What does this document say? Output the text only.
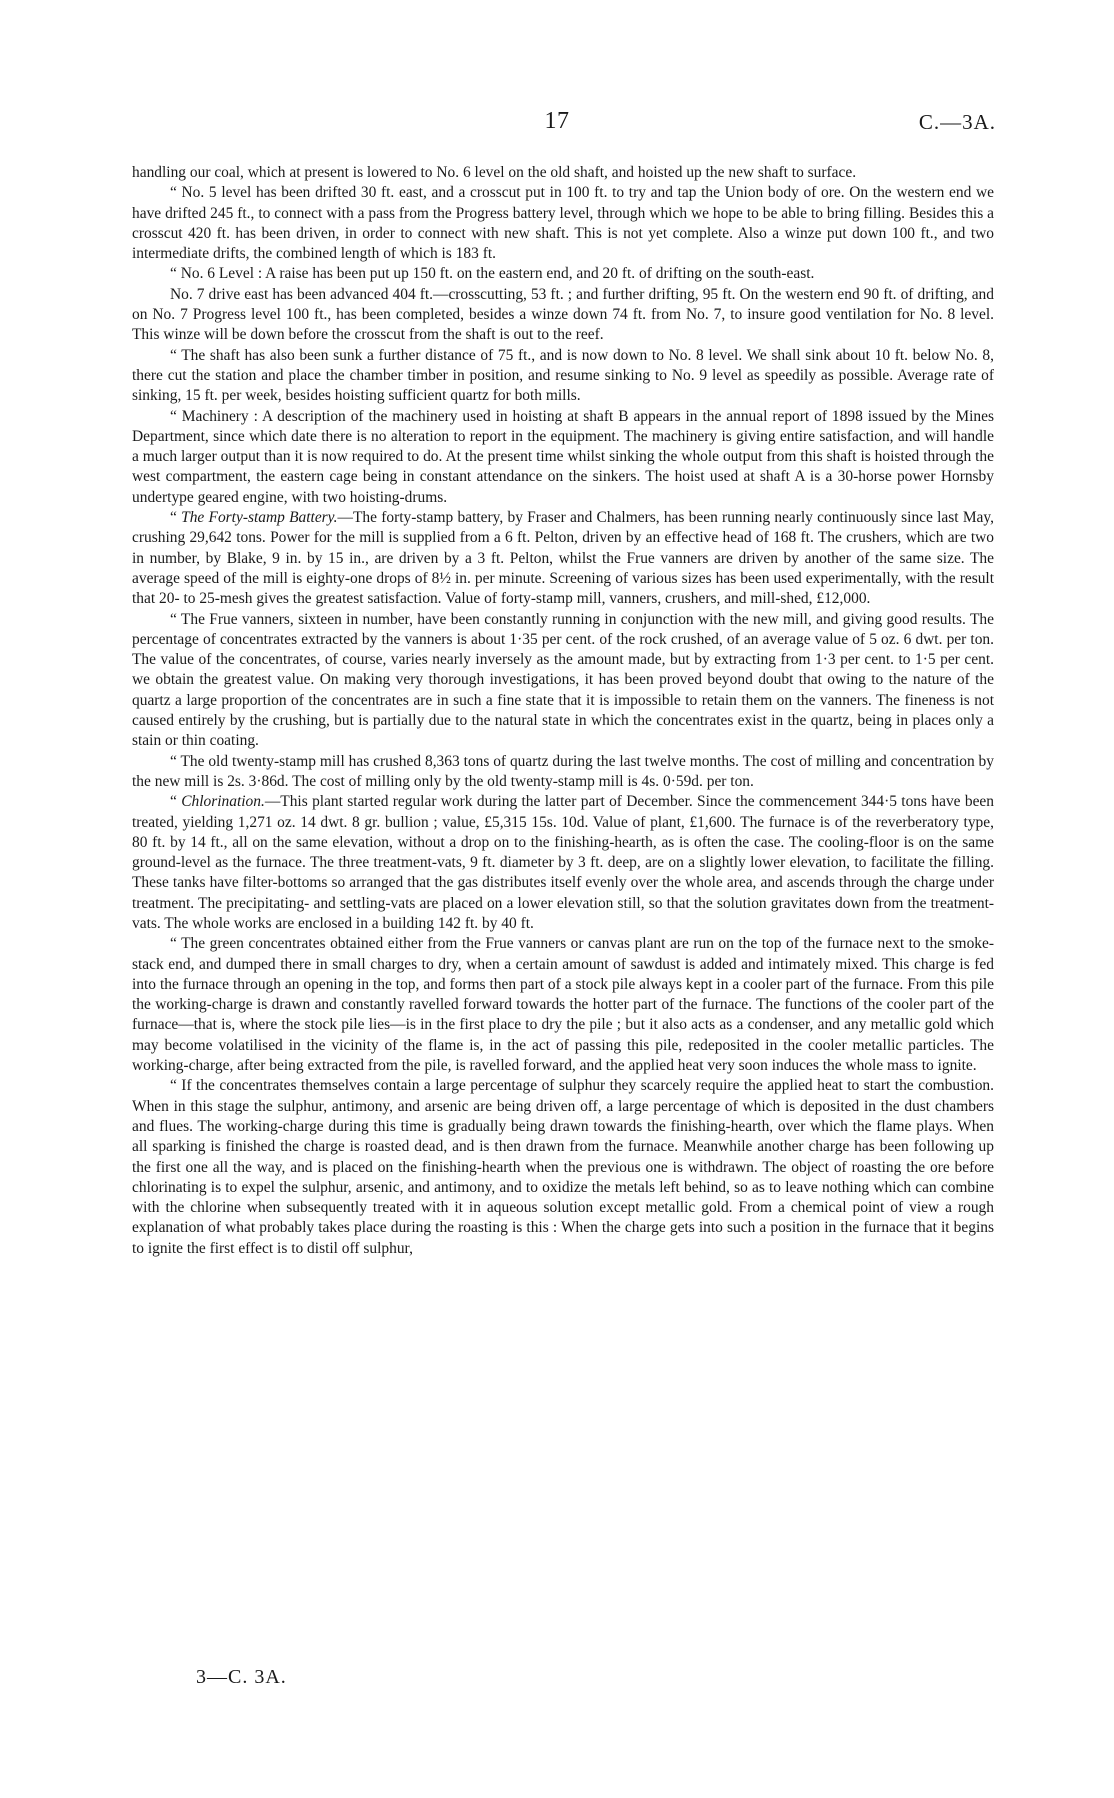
17	C.—3A.

handling our coal, which at present is lowered to No. 6 level on the old shaft, and hoisted up the new shaft to surface.

“ No. 5 level has been drifted 30 ft. east, and a crosscut put in 100 ft. to try and tap the Union body of ore. On the western end we have drifted 245 ft., to connect with a pass from the Progress battery level, through which we hope to be able to bring filling. Besides this a crosscut 420 ft. has been driven, in order to connect with new shaft. This is not yet complete. Also a winze put down 100 ft., and two intermediate drifts, the combined length of which is 183 ft.

“ No. 6 Level : A raise has been put up 150 ft. on the eastern end, and 20 ft. of drifting on the south-east.

No. 7 drive east has been advanced 404 ft.—crosscutting, 53 ft. ; and further drifting, 95 ft. On the western end 90 ft. of drifting, and on No. 7 Progress level 100 ft., has been completed, besides a winze down 74 ft. from No. 7, to insure good ventilation for No. 8 level. This winze will be down before the crosscut from the shaft is out to the reef.

“ The shaft has also been sunk a further distance of 75 ft., and is now down to No. 8 level. We shall sink about 10 ft. below No. 8, there cut the station and place the chamber timber in position, and resume sinking to No. 9 level as speedily as possible. Average rate of sinking, 15 ft. per week, besides hoisting sufficient quartz for both mills.

“ Machinery : A description of the machinery used in hoisting at shaft B appears in the annual report of 1898 issued by the Mines Department, since which date there is no alteration to report in the equipment. The machinery is giving entire satisfaction, and will handle a much larger output than it is now required to do. At the present time whilst sinking the whole output from this shaft is hoisted through the west compartment, the eastern cage being in constant attendance on the sinkers. The hoist used at shaft A is a 30-horse power Hornsby undertype geared engine, with two hoisting-drums.

“ The Forty-stamp Battery.—The forty-stamp battery, by Fraser and Chalmers, has been running nearly continuously since last May, crushing 29,642 tons. Power for the mill is supplied from a 6 ft. Pelton, driven by an effective head of 168 ft. The crushers, which are two in number, by Blake, 9 in. by 15 in., are driven by a 3 ft. Pelton, whilst the Frue vanners are driven by another of the same size. The average speed of the mill is eighty-one drops of 8½ in. per minute. Screening of various sizes has been used experimentally, with the result that 20- to 25-mesh gives the greatest satisfaction. Value of forty-stamp mill, vanners, crushers, and mill-shed, £12,000.

“ The Frue vanners, sixteen in number, have been constantly running in conjunction with the new mill, and giving good results. The percentage of concentrates extracted by the vanners is about 1·35 per cent. of the rock crushed, of an average value of 5 oz. 6 dwt. per ton. The value of the concentrates, of course, varies nearly inversely as the amount made, but by extracting from 1·3 per cent. to 1·5 per cent. we obtain the greatest value. On making very thorough investigations, it has been proved beyond doubt that owing to the nature of the quartz a large proportion of the concentrates are in such a fine state that it is impossible to retain them on the vanners. The fineness is not caused entirely by the crushing, but is partially due to the natural state in which the concentrates exist in the quartz, being in places only a stain or thin coating.

“ The old twenty-stamp mill has crushed 8,363 tons of quartz during the last twelve months. The cost of milling and concentration by the new mill is 2s. 3·86d. The cost of milling only by the old twenty-stamp mill is 4s. 0·59d. per ton.

“ Chlorination.—This plant started regular work during the latter part of December. Since the commencement 344·5 tons have been treated, yielding 1,271 oz. 14 dwt. 8 gr. bullion ; value, £5,315 15s. 10d. Value of plant, £1,600. The furnace is of the reverberatory type, 80 ft. by 14 ft., all on the same elevation, without a drop on to the finishing-hearth, as is often the case. The cooling-floor is on the same ground-level as the furnace. The three treatment-vats, 9 ft. diameter by 3 ft. deep, are on a slightly lower elevation, to facilitate the filling. These tanks have filter-bottoms so arranged that the gas distributes itself evenly over the whole area, and ascends through the charge under treatment. The precipitating- and settling-vats are placed on a lower elevation still, so that the solution gravitates down from the treatment-vats. The whole works are enclosed in a building 142 ft. by 40 ft.

“ The green concentrates obtained either from the Frue vanners or canvas plant are run on the top of the furnace next to the smoke-stack end, and dumped there in small charges to dry, when a certain amount of sawdust is added and intimately mixed. This charge is fed into the furnace through an opening in the top, and forms then part of a stock pile always kept in a cooler part of the furnace. From this pile the working-charge is drawn and constantly ravelled forward towards the hotter part of the furnace. The functions of the cooler part of the furnace—that is, where the stock pile lies—is in the first place to dry the pile ; but it also acts as a condenser, and any metallic gold which may become volatilised in the vicinity of the flame is, in the act of passing this pile, redeposited in the cooler metallic particles. The working-charge, after being extracted from the pile, is ravelled forward, and the applied heat very soon induces the whole mass to ignite.

“ If the concentrates themselves contain a large percentage of sulphur they scarcely require the applied heat to start the combustion. When in this stage the sulphur, antimony, and arsenic are being driven off, a large percentage of which is deposited in the dust chambers and flues. The working-charge during this time is gradually being drawn towards the finishing-hearth, over which the flame plays. When all sparking is finished the charge is roasted dead, and is then drawn from the furnace. Meanwhile another charge has been following up the first one all the way, and is placed on the finishing-hearth when the previous one is withdrawn. The object of roasting the ore before chlorinating is to expel the sulphur, arsenic, and antimony, and to oxidize the metals left behind, so as to leave nothing which can combine with the chlorine when subsequently treated with it in aqueous solution except metallic gold. From a chemical point of view a rough explanation of what probably takes place during the roasting is this : When the charge gets into such a position in the furnace that it begins to ignite the first effect is to distil off sulphur,

3—C. 3A.
